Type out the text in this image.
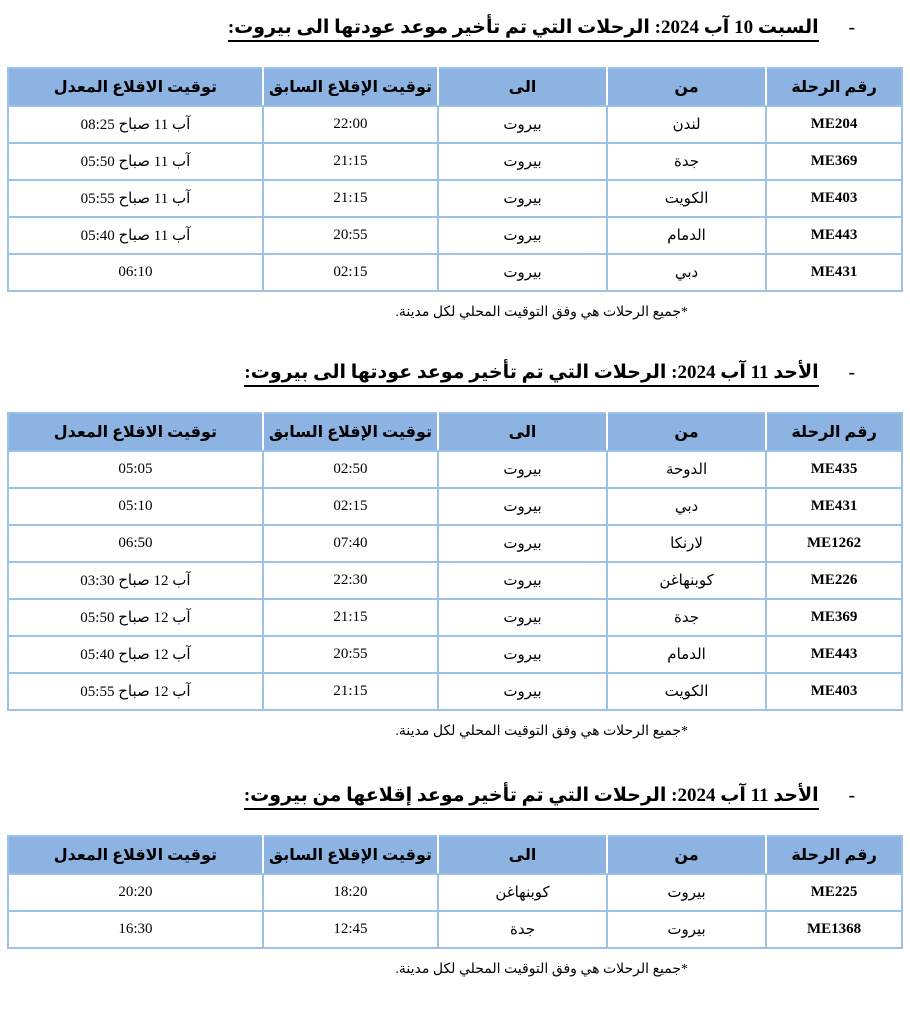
-السبت 10 آب 2024: الرحلات التي تم تأخير موعد عودتها الى بيروت:
رقم الرحلة	من	الى	توقيت الإقلاع السابق	توقيت الاقلاع المعدل
ME204	لندن	بيروت	22:00	08:25 صباح‎ 11 آب
ME369	جدة	بيروت	21:15	05:50 صباح‎ 11 آب
ME403	الكويت	بيروت	21:15	05:55 صباح‎ 11 آب
ME443	الدمام	بيروت	20:55	05:40 صباح‎ 11 آب
ME431	دبي	بيروت	02:15	06:10
*جميع الرحلات هي وفق التوقيت المحلي لكل مدينة.
-الأحد 11 آب 2024: الرحلات التي تم تأخير موعد عودتها الى بيروت:
رقم الرحلة	من	الى	توقيت الإقلاع السابق	توقيت الاقلاع المعدل
ME435	الدوحة	بيروت	02:50	05:05
ME431	دبي	بيروت	02:15	05:10
ME1262	لارنكا	بيروت	07:40	06:50
ME226	كوبنهاغن	بيروت	22:30	03:30 صباح‎ 12 آب
ME369	جدة	بيروت	21:15	05:50 صباح‎ 12 آب
ME443	الدمام	بيروت	20:55	05:40 صباح‎ 12 آب
ME403	الكويت	بيروت	21:15	05:55 صباح‎ 12 آب
*جميع الرحلات هي وفق التوقيت المحلي لكل مدينة.
-الأحد 11 آب 2024: الرحلات التي تم تأخير موعد إقلاعها من بيروت:
رقم الرحلة	من	الى	توقيت الإقلاع السابق	توقيت الاقلاع المعدل
ME225	بيروت	كوبنهاغن	18:20	20:20
ME1368	بيروت	جدة	12:45	16:30
*جميع الرحلات هي وفق التوقيت المحلي لكل مدينة.
